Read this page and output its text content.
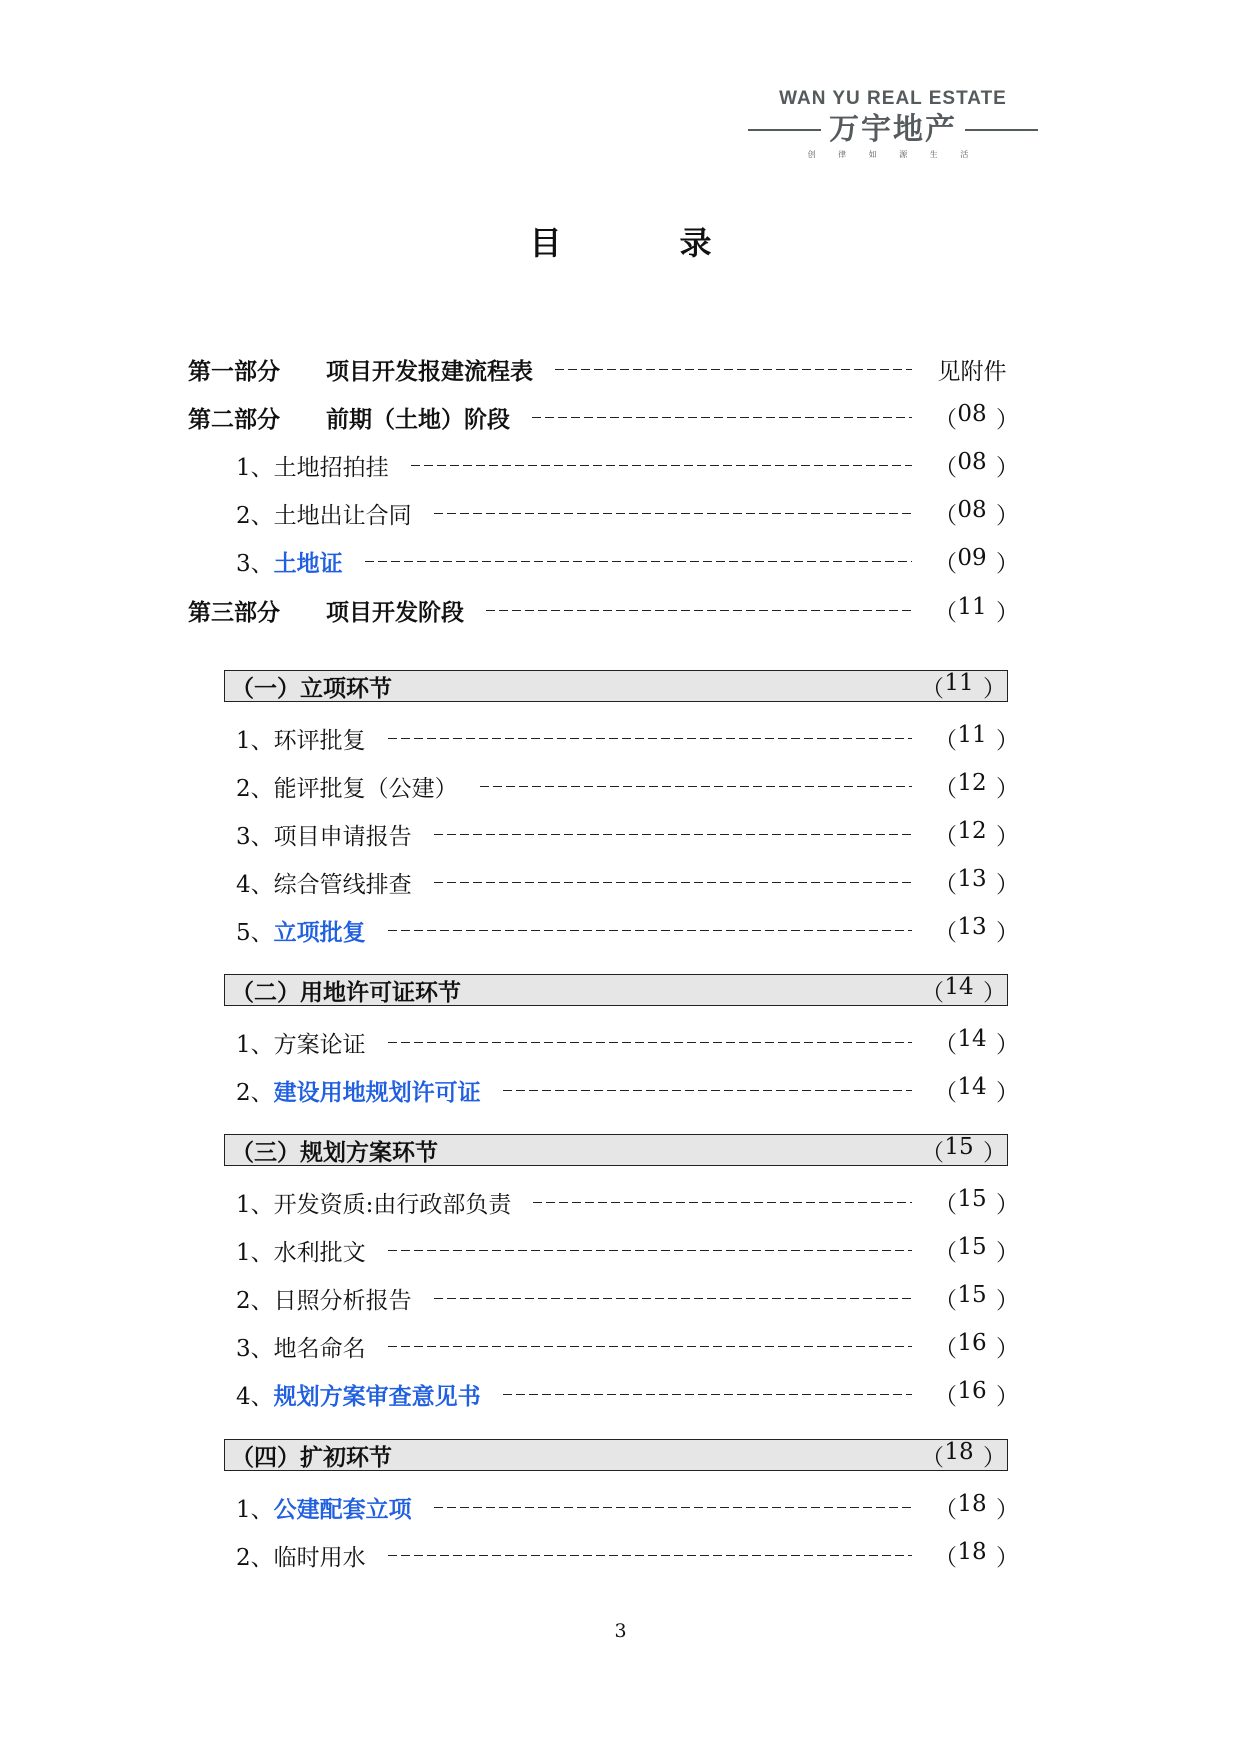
WAN YU REAL ESTATE
万宇地产
创 律 如 源 生 活
目	录
第一部分	项目开发报建流程表	见附件
第二部分	前期（土地）阶段	（ 08 ）
1、 土地招拍挂	（ 08 ）
2、 土地出让合同	（ 08 ）
3、 土地证	（ 09 ）
第三部分	项目开发阶段	（ 11 ）
（一）立项环节	（ 11 ）
1、 环评批复	（ 11 ）
2、 能评批复（公建）	（ 12 ）
3、 项目申请报告	（ 12 ）
4、 综合管线排查	（ 13 ）
5、 立项批复	（ 13 ）
（二）用地许可证环节	（ 14 ）
1、 方案论证	（ 14 ）
2、 建设用地规划许可证	（ 14 ）
（三）规划方案环节	（ 15 ）
1、 开发资质:由行政部负责	（ 15 ）
1、 水利批文	（ 15 ）
2、 日照分析报告	（ 15 ）
3、 地名命名	（ 16 ）
4、 规划方案审查意见书	（ 16 ）
（四）扩初环节	（ 18 ）
1、 公建配套立项	（ 18 ）
2、 临时用水	（ 18 ）
3
